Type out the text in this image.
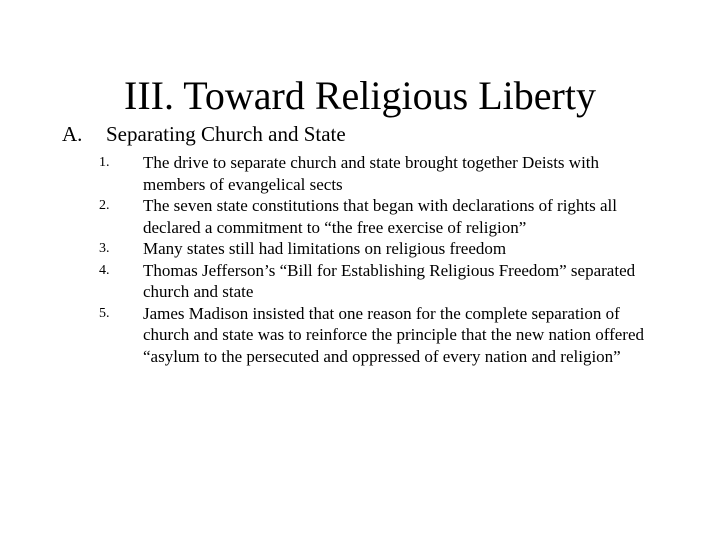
III. Toward Religious Liberty
A. Separating Church and State
1.	The drive to separate church and state brought together Deists with members of evangelical sects
2.	The seven state constitutions that began with declarations of rights all declared a commitment to “the free exercise of religion”
3.	Many states still had limitations on religious freedom
4.	Thomas Jefferson’s “Bill for Establishing Religious Freedom” separated church and state
5.	James Madison insisted that one reason for the complete separation of church and state was to reinforce the principle that the new nation offered “asylum to the persecuted and oppressed of every nation and religion”
